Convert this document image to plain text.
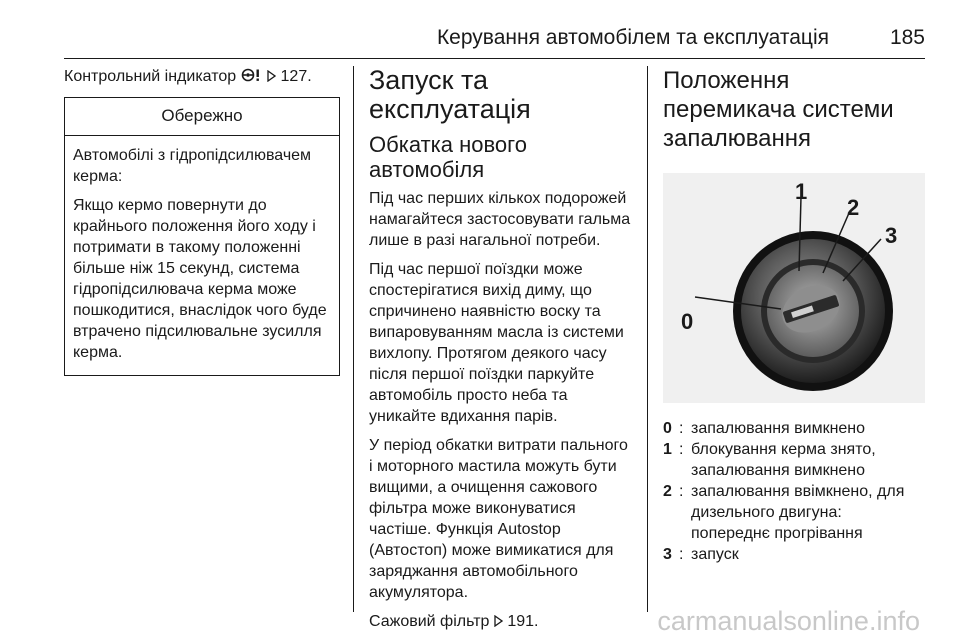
Керування автомобілем та експлуатація	185

Контрольний індикатор	127.

Обережно

Автомобілі з гідропідсилювачем керма:

Якщо кермо повернути до крайнього положення його ходу і потримати в такому положенні більше ніж 15 секунд, система гідропідсилювача керма може пошкодитися, внаслідок чого буде втрачено підсилювальне зусилля керма.

Запуск та експлуатація
Обкатка нового автомобіля

Під час перших кількох подорожей намагайтеся застосовувати гальма лише в разі нагальної потреби.

Під час першої поїздки може спостерігатися вихід диму, що спричинено наявністю воску та випаровуванням масла із системи вихлопу. Протягом деякого часу після першої поїздки паркуйте автомобіль просто неба та уникайте вдихання парів.

У період обкатки витрати пального і моторного мастила можуть бути вищими, а очищення сажового фільтра може виконуватися частіше. Функція Autostop (Автостоп) може вимикатися для заряджання автомобільного акумулятора.

Сажовий фільтр 191.

Положення перемикача системи запалювання
0
1
2
3
0 : запалювання вимкнено
1 : блокування керма знято, запалювання вимкнено
2 : запалювання ввімкнено, для дизельного двигуна: попереднє прогрівання
3 : запуск
carmanualsonline.info
